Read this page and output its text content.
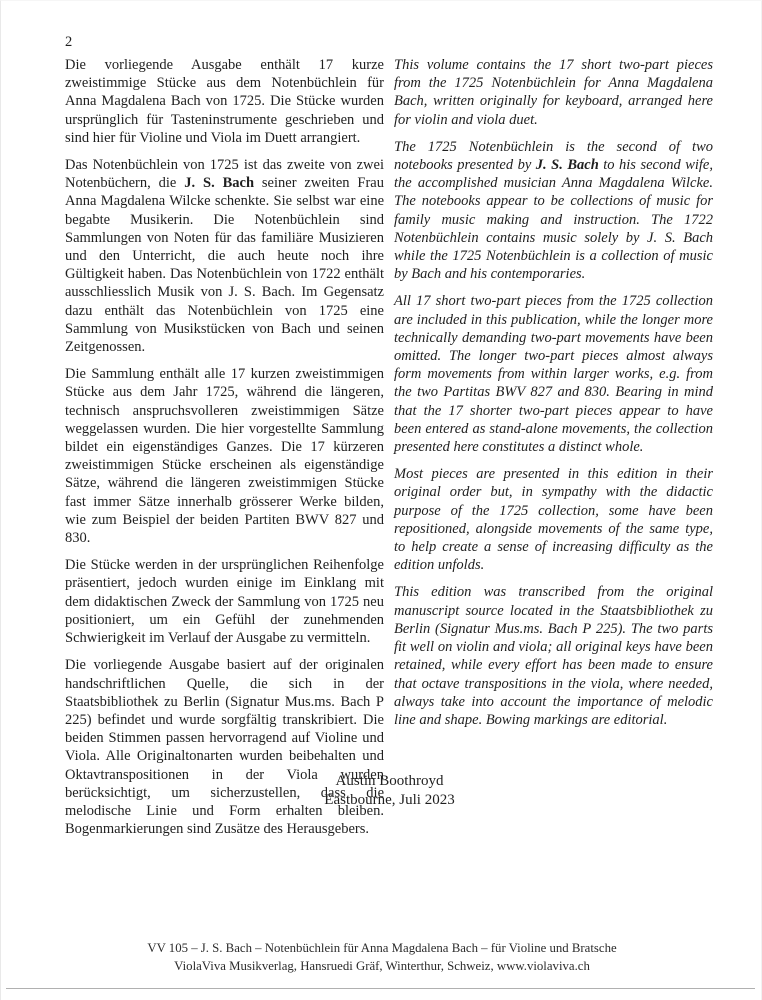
2

Die vorliegende Ausgabe enthält 17 kurze zweistimmige Stücke aus dem Notenbüchlein für Anna Magdalena Bach von 1725. Die Stücke wurden ursprünglich für Tasteninstrumente geschrieben und sind hier für Violine und Viola im Duett arrangiert.

Das Notenbüchlein von 1725 ist das zweite von zwei Notenbüchern, die J. S. Bach seiner zweiten Frau Anna Magdalena Wilcke schenkte. Sie selbst war eine begabte Musikerin. Die Notenbüchlein sind Sammlungen von Noten für das familiäre Musizieren und den Unterricht, die auch heute noch ihre Gültigkeit haben. Das Notenbüchlein von 1722 enthält ausschliesslich Musik von J. S. Bach. Im Gegensatz dazu enthält das Notenbüchlein von 1725 eine Sammlung von Musikstücken von Bach und seinen Zeitgenossen.

Die Sammlung enthält alle 17 kurzen zweistimmigen Stücke aus dem Jahr 1725, während die längeren, technisch anspruchsvolleren zweistimmigen Sätze weggelassen wurden. Die hier vorgestellte Sammlung bildet ein eigenständiges Ganzes. Die 17 kürzeren zweistimmigen Stücke erscheinen als eigenständige Sätze, während die längeren zweistimmigen Stücke fast immer Sätze innerhalb grösserer Werke bilden, wie zum Beispiel der beiden Partiten BWV 827 und 830.

Die Stücke werden in der ursprünglichen Reihenfolge präsentiert, jedoch wurden einige im Einklang mit dem didaktischen Zweck der Sammlung von 1725 neu positioniert, um ein Gefühl der zunehmenden Schwierigkeit im Verlauf der Ausgabe zu vermitteln.

Die vorliegende Ausgabe basiert auf der originalen handschriftlichen Quelle, die sich in der Staatsbibliothek zu Berlin (Signatur Mus.ms. Bach P 225) befindet und wurde sorgfältig transkribiert. Die beiden Stimmen passen hervorragend auf Violine und Viola. Alle Originaltonarten wurden beibehalten und Oktavtranspositionen in der Viola wurden berücksichtigt, um sicherzustellen, dass die melodische Linie und Form erhalten bleiben. Bogenmarkierungen sind Zusätze des Herausgebers.

This volume contains the 17 short two-part pieces from the 1725 Notenbüchlein for Anna Magdalena Bach, written originally for keyboard, arranged here for violin and viola duet.

The 1725 Notenbüchlein is the second of two notebooks presented by J. S. Bach to his second wife, the accomplished musician Anna Magdalena Wilcke. The notebooks appear to be collections of music for family music making and instruction. The 1722 Notenbüchlein contains music solely by J. S. Bach while the 1725 Notenbüchlein is a collection of music by Bach and his contemporaries.

All 17 short two-part pieces from the 1725 collection are included in this publication, while the longer more technically demanding two-part movements have been omitted. The longer two-part pieces almost always form movements from within larger works, e.g. from the two Partitas BWV 827 and 830. Bearing in mind that the 17 shorter two-part pieces appear to have been entered as stand-alone movements, the collection presented here constitutes a distinct whole.

Most pieces are presented in this edition in their original order but, in sympathy with the didactic purpose of the 1725 collection, some have been repositioned, alongside movements of the same type, to help create a sense of increasing difficulty as the edition unfolds.

This edition was transcribed from the original manuscript source located in the Staatsbibliothek zu Berlin (Signatur Mus.ms. Bach P 225). The two parts fit well on violin and viola; all original keys have been retained, while every effort has been made to ensure that octave transpositions in the viola, where needed, always take into account the importance of melodic line and shape. Bowing markings are editorial.

Austin Boothroyd
Eastbourne, Juli 2023
VV 105 – J. S. Bach – Notenbüchlein für Anna Magdalena Bach – für Violine und Bratsche
ViolaViva Musikverlag, Hansruedi Gräf, Winterthur, Schweiz, www.violaviva.ch
